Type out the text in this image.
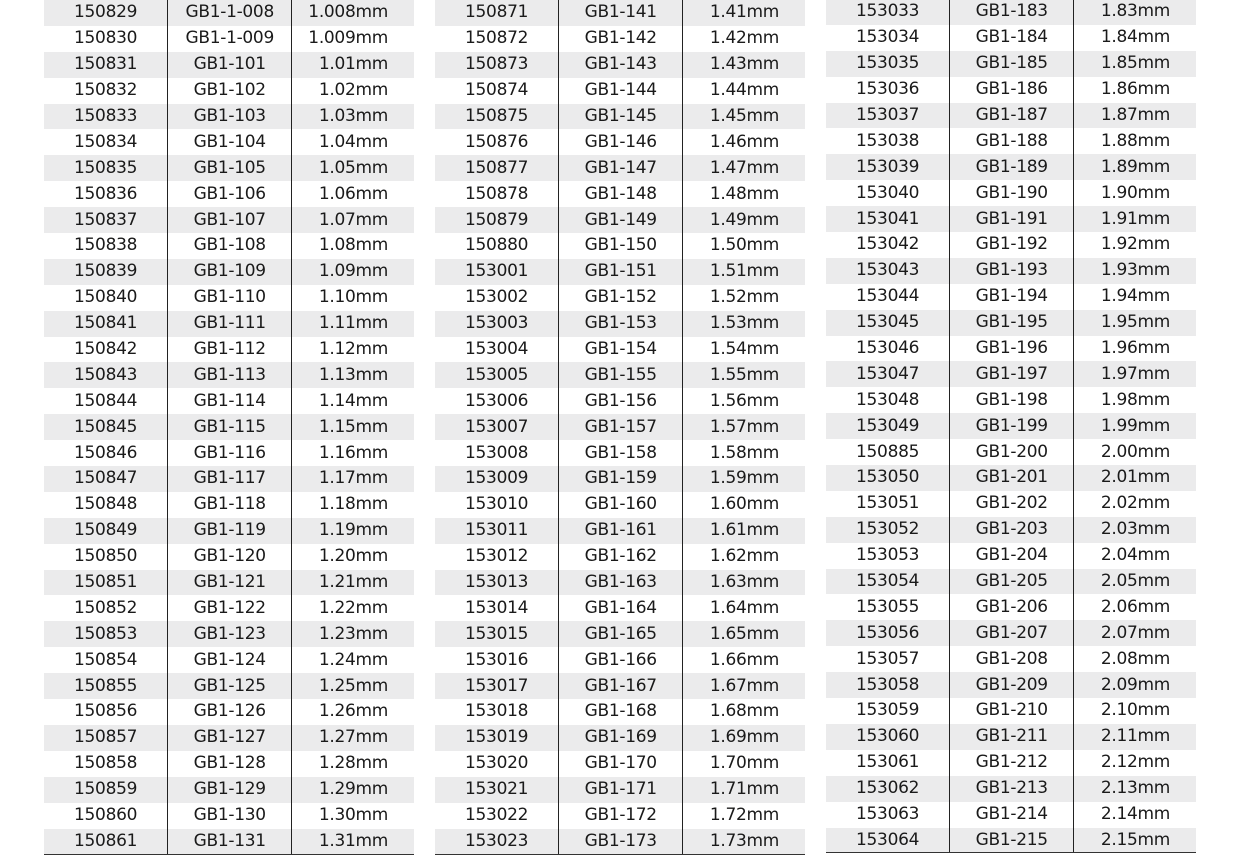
150829	GB1-1-008	1.008mm
150830	GB1-1-009	1.009mm
150831	GB1-101	1.01mm
150832	GB1-102	1.02mm
150833	GB1-103	1.03mm
150834	GB1-104	1.04mm
150835	GB1-105	1.05mm
150836	GB1-106	1.06mm
150837	GB1-107	1.07mm
150838	GB1-108	1.08mm
150839	GB1-109	1.09mm
150840	GB1-110	1.10mm
150841	GB1-111	1.11mm
150842	GB1-112	1.12mm
150843	GB1-113	1.13mm
150844	GB1-114	1.14mm
150845	GB1-115	1.15mm
150846	GB1-116	1.16mm
150847	GB1-117	1.17mm
150848	GB1-118	1.18mm
150849	GB1-119	1.19mm
150850	GB1-120	1.20mm
150851	GB1-121	1.21mm
150852	GB1-122	1.22mm
150853	GB1-123	1.23mm
150854	GB1-124	1.24mm
150855	GB1-125	1.25mm
150856	GB1-126	1.26mm
150857	GB1-127	1.27mm
150858	GB1-128	1.28mm
150859	GB1-129	1.29mm
150860	GB1-130	1.30mm
150861	GB1-131	1.31mm
150871	GB1-141	1.41mm
150872	GB1-142	1.42mm
150873	GB1-143	1.43mm
150874	GB1-144	1.44mm
150875	GB1-145	1.45mm
150876	GB1-146	1.46mm
150877	GB1-147	1.47mm
150878	GB1-148	1.48mm
150879	GB1-149	1.49mm
150880	GB1-150	1.50mm
153001	GB1-151	1.51mm
153002	GB1-152	1.52mm
153003	GB1-153	1.53mm
153004	GB1-154	1.54mm
153005	GB1-155	1.55mm
153006	GB1-156	1.56mm
153007	GB1-157	1.57mm
153008	GB1-158	1.58mm
153009	GB1-159	1.59mm
153010	GB1-160	1.60mm
153011	GB1-161	1.61mm
153012	GB1-162	1.62mm
153013	GB1-163	1.63mm
153014	GB1-164	1.64mm
153015	GB1-165	1.65mm
153016	GB1-166	1.66mm
153017	GB1-167	1.67mm
153018	GB1-168	1.68mm
153019	GB1-169	1.69mm
153020	GB1-170	1.70mm
153021	GB1-171	1.71mm
153022	GB1-172	1.72mm
153023	GB1-173	1.73mm
153033	GB1-183	1.83mm
153034	GB1-184	1.84mm
153035	GB1-185	1.85mm
153036	GB1-186	1.86mm
153037	GB1-187	1.87mm
153038	GB1-188	1.88mm
153039	GB1-189	1.89mm
153040	GB1-190	1.90mm
153041	GB1-191	1.91mm
153042	GB1-192	1.92mm
153043	GB1-193	1.93mm
153044	GB1-194	1.94mm
153045	GB1-195	1.95mm
153046	GB1-196	1.96mm
153047	GB1-197	1.97mm
153048	GB1-198	1.98mm
153049	GB1-199	1.99mm
150885	GB1-200	2.00mm
153050	GB1-201	2.01mm
153051	GB1-202	2.02mm
153052	GB1-203	2.03mm
153053	GB1-204	2.04mm
153054	GB1-205	2.05mm
153055	GB1-206	2.06mm
153056	GB1-207	2.07mm
153057	GB1-208	2.08mm
153058	GB1-209	2.09mm
153059	GB1-210	2.10mm
153060	GB1-211	2.11mm
153061	GB1-212	2.12mm
153062	GB1-213	2.13mm
153063	GB1-214	2.14mm
153064	GB1-215	2.15mm
